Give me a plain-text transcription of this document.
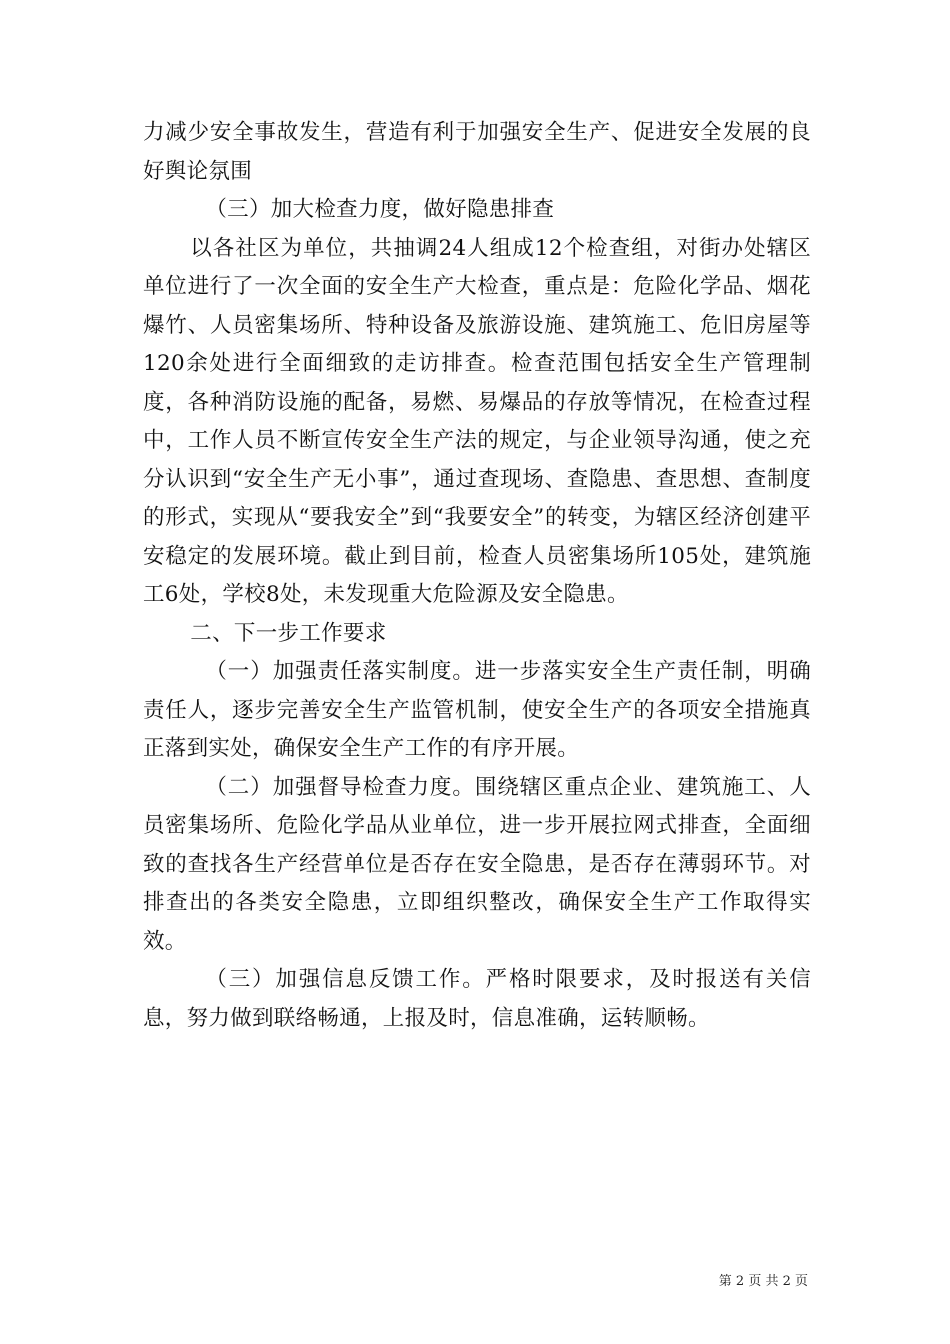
力减少安全事故发生，营造有利于加强安全生产、促进安全发展的良好舆论氛围

（三）加大检查力度，做好隐患排查

以各社区为单位，共抽调24人组成12个检查组，对街办处辖区单位进行了一次全面的安全生产大检查，重点是：危险化学品、烟花爆竹、人员密集场所、特种设备及旅游设施、建筑施工、危旧房屋等120余处进行全面细致的走访排查。检查范围包括安全生产管理制度，各种消防设施的配备，易燃、易爆品的存放等情况，在检查过程中，工作人员不断宣传安全生产法的规定，与企业领导沟通，使之充分认识到“安全生产无小事”，通过查现场、查隐患、查思想、查制度的形式，实现从“要我安全”到“我要安全”的转变，为辖区经济创建平安稳定的发展环境。截止到目前，检查人员密集场所105处，建筑施工6处，学校8处，未发现重大危险源及安全隐患。

二、下一步工作要求

（一）加强责任落实制度。进一步落实安全生产责任制，明确责任人，逐步完善安全生产监管机制，使安全生产的各项安全措施真正落到实处，确保安全生产工作的有序开展。

（二）加强督导检查力度。围绕辖区重点企业、建筑施工、人员密集场所、危险化学品从业单位，进一步开展拉网式排查，全面细致的查找各生产经营单位是否存在安全隐患，是否存在薄弱环节。对排查出的各类安全隐患，立即组织整改，确保安全生产工作取得实效。

（三）加强信息反馈工作。严格时限要求，及时报送有关信息，努力做到联络畅通，上报及时，信息准确，运转顺畅。

第 2 页 共 2 页
